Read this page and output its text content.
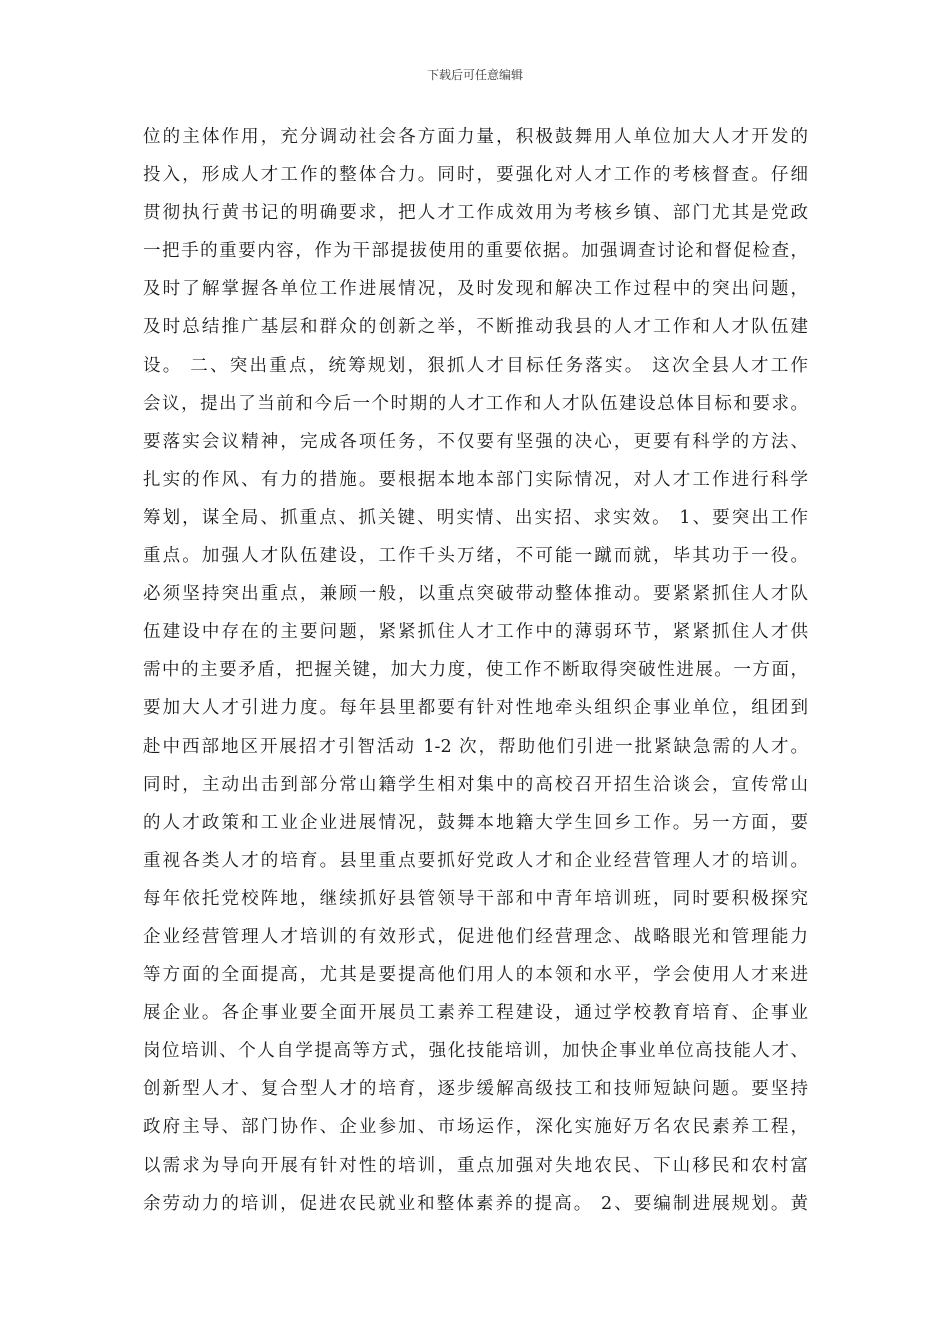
下载后可任意编辑
位的主体作用，充分调动社会各方面力量，积极鼓舞用人单位加大人才开发的
投入，形成人才工作的整体合力。同时，要强化对人才工作的考核督查。仔细
贯彻执行黄书记的明确要求，把人才工作成效用为考核乡镇、部门尤其是党政
一把手的重要内容，作为干部提拔使用的重要依据。加强调查讨论和督促检查，
及时了解掌握各单位工作进展情况，及时发现和解决工作过程中的突出问题，
及时总结推广基层和群众的创新之举，不断推动我县的人才工作和人才队伍建
设。 二、突出重点，统筹规划，狠抓人才目标任务落实。 这次全县人才工作
会议，提出了当前和今后一个时期的人才工作和人才队伍建设总体目标和要求。
要落实会议精神，完成各项任务，不仅要有坚强的决心，更要有科学的方法、
扎实的作风、有力的措施。要根据本地本部门实际情况，对人才工作进行科学
筹划，谋全局、抓重点、抓关键、明实情、出实招、求实效。 1、要突出工作
重点。加强人才队伍建设，工作千头万绪，不可能一蹴而就，毕其功于一役。
必须坚持突出重点，兼顾一般，以重点突破带动整体推动。要紧紧抓住人才队
伍建设中存在的主要问题，紧紧抓住人才工作中的薄弱环节，紧紧抓住人才供
需中的主要矛盾，把握关键，加大力度，使工作不断取得突破性进展。一方面，
要加大人才引进力度。每年县里都要有针对性地牵头组织企事业单位，组团到
赴中西部地区开展招才引智活动 1-2 次，帮助他们引进一批紧缺急需的人才。
同时，主动出击到部分常山籍学生相对集中的高校召开招生洽谈会，宣传常山
的人才政策和工业企业进展情况，鼓舞本地籍大学生回乡工作。另一方面，要
重视各类人才的培育。县里重点要抓好党政人才和企业经营管理人才的培训。
每年依托党校阵地，继续抓好县管领导干部和中青年培训班，同时要积极探究
企业经营管理人才培训的有效形式，促进他们经营理念、战略眼光和管理能力
等方面的全面提高，尤其是要提高他们用人的本领和水平，学会使用人才来进
展企业。各企事业要全面开展员工素养工程建设，通过学校教育培育、企事业
岗位培训、个人自学提高等方式，强化技能培训，加快企事业单位高技能人才、
创新型人才、复合型人才的培育，逐步缓解高级技工和技师短缺问题。要坚持
政府主导、部门协作、企业参加、市场运作，深化实施好万名农民素养工程，
以需求为导向开展有针对性的培训，重点加强对失地农民、下山移民和农村富
余劳动力的培训，促进农民就业和整体素养的提高。 2、要编制进展规划。黄
